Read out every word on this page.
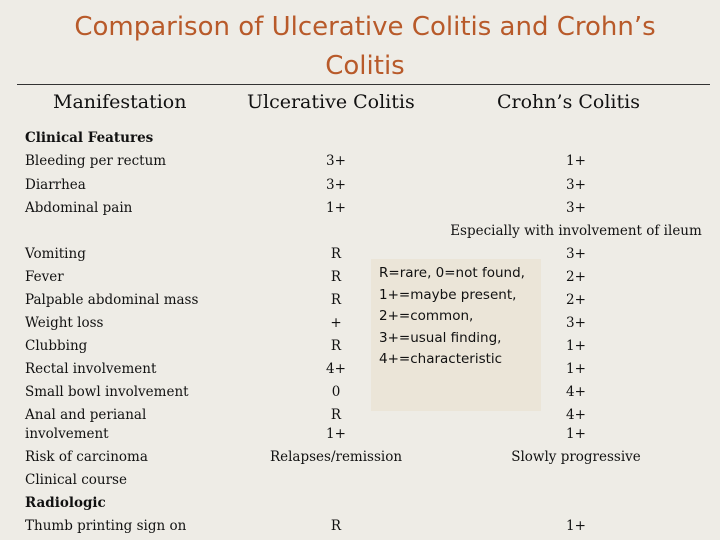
Comparison of Ulcerative Colitis and Crohn’s Colitis
Manifestation	Ulcerative Colitis	Crohn’s Colitis
Clinical Features
Bleeding per rectum	3+	1+
Diarrhea	3+	3+
Abdominal pain	1+	3+
Especially with involvement of ileum
Vomiting	R	3+
Fever	R	2+
Palpable abdominal mass	R	2+
Weight loss	+	3+
Clubbing	R	1+
Rectal involvement	4+	1+
Small bowl involvement	0	4+
Anal and perianal	R	4+
involvement	1+	1+
Risk of carcinoma	Relapses/remission	Slowly progressive
Clinical course
Radiologic
Thumb printing sign on	R	1+
R=rare, 0=not found,
1+=maybe present,
2+=common,
3+=usual finding,
4+=characteristic
